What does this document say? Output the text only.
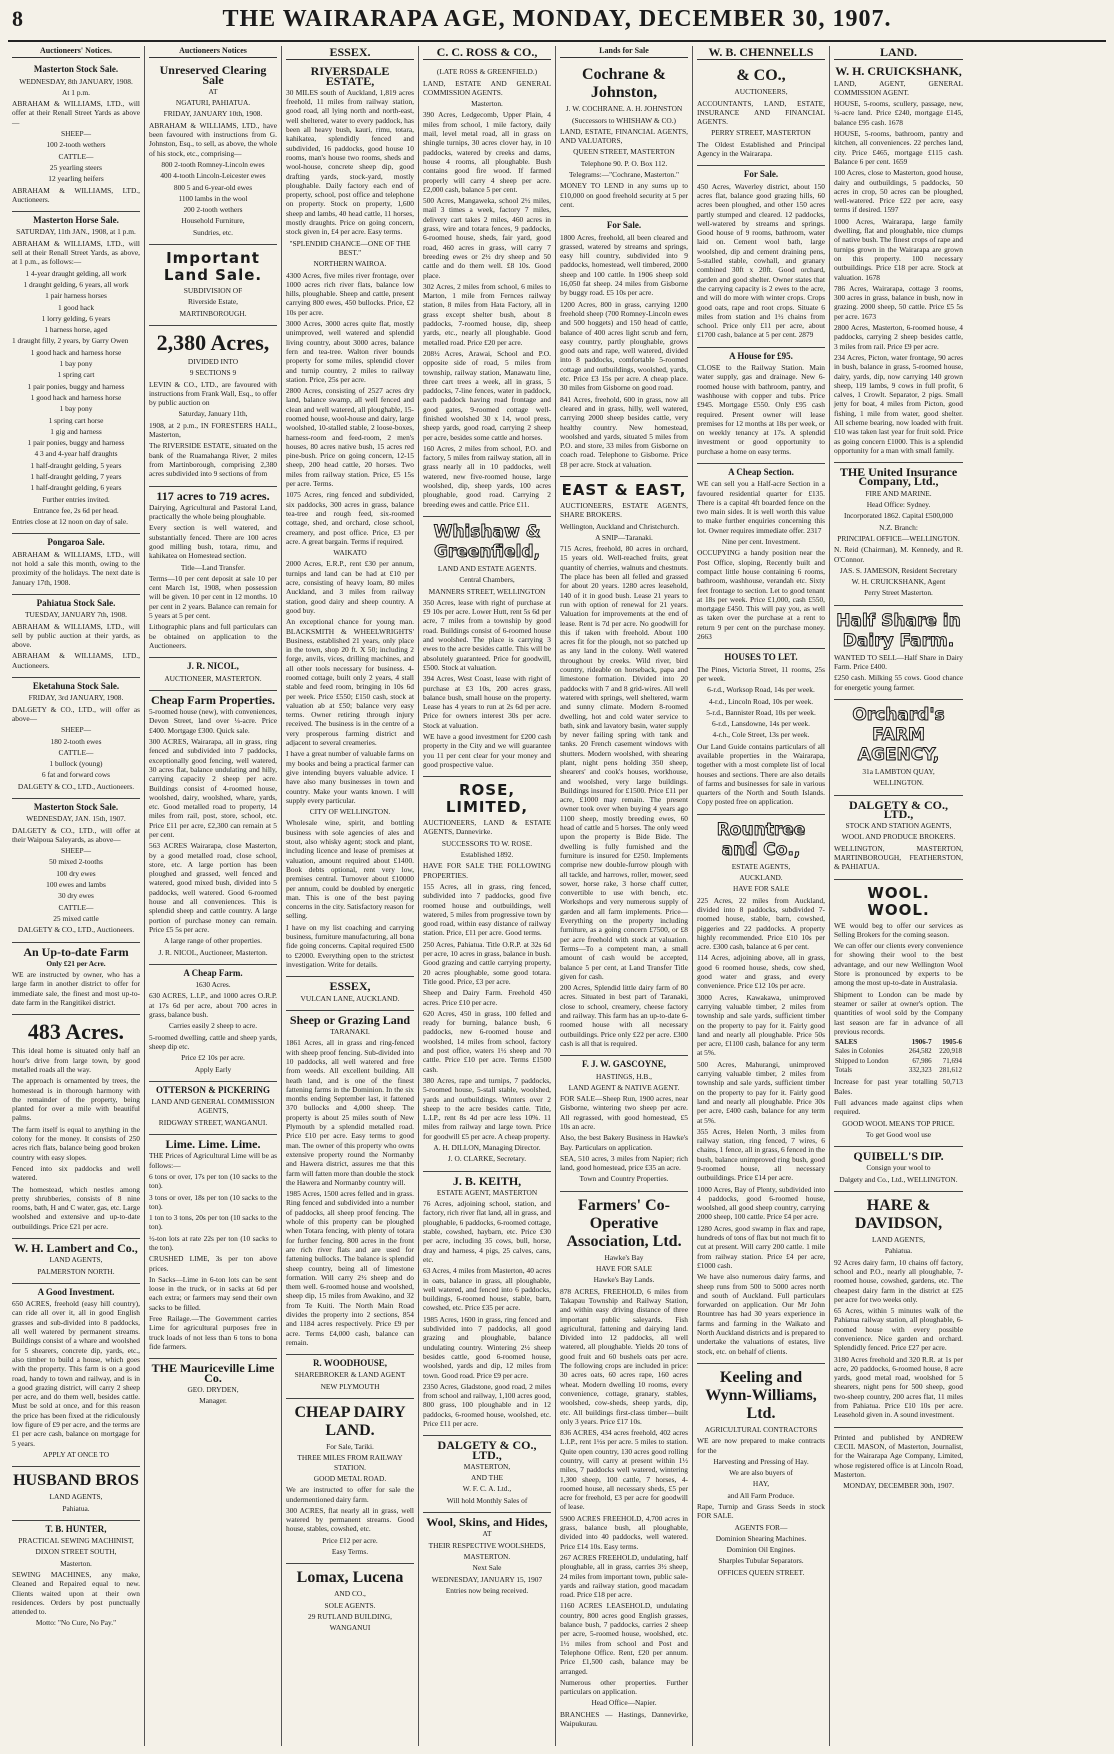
8	THE WAIRARAPA AGE, MONDAY, DECEMBER 30, 1907.
Auctioneers' Notices.
Masterton Stock Sale.
WEDNESDAY, 8th JANUARY, 1908.
At 1 p.m.
ABRAHAM & WILLIAMS, LTD., will offer at their Renall Street Yards as above—
SHEEP—
100 2-tooth wethers
CATTLE—
25 yearling steers
12 yearling heifers
ABRAHAM & WILLIAMS, LTD., Auctioneers.
Masterton Horse Sale.
SATURDAY, 11th JAN., 1908, at 1 p.m.
ABRAHAM & WILLIAMS, LTD., will sell at their Renall Street Yards, as above, at 1 p.m., as follows:—
1 4-year draught gelding, all work
1 draught gelding, 6 years, all work
1 pair harness horses
1 good hack
1 lorry gelding, 6 years
1 harness horse, aged
1 draught filly, 2 years, by Garry Owen
1 good hack and harness horse
1 bay pony
1 spring cart
1 pair ponies, buggy and harness
1 good hack and harness horse
1 bay pony
1 spring cart horse
1 gig and harness
1 pair ponies, buggy and harness
4 3 and 4-year half draughts
1 half-draught gelding, 5 years
1 half-draught gelding, 7 years
1 half-draught gelding, 6 years
Further entries invited.
Entrance fee, 2s 6d per head.
Entries close at 12 noon on day of sale.
Pongaroa Sale.
ABRAHAM & WILLIAMS, LTD., will not hold a sale this month, owing to the proximity of the holidays. The next date is January 17th, 1908.
Pahiatua Stock Sale.
TUESDAY, JANUARY 7th, 1908.
ABRAHAM & WILLIAMS, LTD., will sell by public auction at their yards, as above.
ABRAHAM & WILLIAMS, LTD., Auctioneers.
Eketahuna Stock Sale.
FRIDAY, 3rd JANUARY, 1908.
DALGETY & CO., LTD., will offer as above—
SHEEP—
180 2-tooth ewes
CATTLE—
1 bullock (young)
6 fat and forward cows
DALGETY & CO., LTD., Auctioneers.
Masterton Stock Sale.
WEDNESDAY, JAN. 15th, 1907.
DALGETY & CO., LTD., will offer at their Waipoua Saleyards, as above—
SHEEP—
50 mixed 2-tooths
100 dry ewes
100 ewes and lambs
30 dry ewes
CATTLE—
25 mixed cattle
DALGETY & CO., LTD., Auctioneers.
An Up-to-date Farm
Only £21 per Acre.
WE are instructed by owner, who has a large farm in another district to offer for immediate sale, the finest and most up-to-date farm in the Rangitikei district.
483 Acres.
This ideal home is situated only half an hour's drive from large town, by good metalled roads all the way.
The approach is ornamented by trees, the homestead is in thorough harmony with the remainder of the property, being planted for over a mile with beautiful palms.
The farm itself is equal to anything in the colony for the money. It consists of 250 acres rich flats, balance being good broken country with easy slopes.
Fenced into six paddocks and well watered.
The homestead, which nestles among pretty shrubberies, consists of 8 nine rooms, bath, H and C water, gas, etc. Large woolshed and extensive and up-to-date outbuildings. Price £21 per acre.
W. H. Lambert and Co.,
LAND AGENTS,
PALMERSTON NORTH.
A Good Investment.
650 ACRES, freehold (easy hill country), can ride all over it, all in good English grasses and sub-divided into 8 paddocks, all well watered by permanent streams. Buildings consist of a whare and woolshed for 5 shearers, concrete dip, yards, etc., also timber to build a house, which goes with the property. This farm is on a good road, handy to town and railway, and is in a good grazing district, will carry 2 sheep per acre, and do them well, besides cattle. Must be sold at once, and for this reason the price has been fixed at the ridiculously low figure of £9 per acre, and the terms are £1 per acre cash, balance on mortgage for 5 years.
APPLY AT ONCE TO
HUSBAND BROS
LAND AGENTS,
Pahiatua.
T. B. HUNTER,
PRACTICAL SEWING MACHINIST,
DIXON STREET SOUTH,
Masterton.
SEWING MACHINES, any make, Cleaned and Repaired equal to new. Clients waited upon at their own residences. Orders by post punctually attended to.
Motto: "No Cure, No Pay."
Auctioneers Notices
Unreserved Clearing Sale
AT
NGATURI, PAHIATUA.
FRIDAY, JANUARY 10th, 1908.
ABRAHAM & WILLIAMS, LTD., have been favoured with instructions from G. Johnston, Esq., to sell, as above, the whole of his stock, etc., comprising—
800 2-tooth Romney-Lincoln ewes
400 4-tooth Lincoln-Leicester ewes
800 5 and 6-year-old ewes
1100 lambs in the wool
200 2-tooth wethers
Household Furniture,
Sundries, etc.
Important Land Sale.
SUBDIVISION OF
Riverside Estate,
MARTINBOROUGH.
2,380 Acres,
DIVIDED INTO
9 SECTIONS 9
LEVIN & CO., LTD., are favoured with instructions from Frank Wall, Esq., to offer by public auction on
Saturday, January 11th,
1908, at 2 p.m., IN FORESTERS HALL, Masterton,
The RIVERSIDE ESTATE, situated on the bank of the Ruamahanga River, 2 miles from Martinborough, comprising 2,380 acres subdivided into 9 sections of from
117 acres to 719 acres.
Dairying, Agricultural and Pastoral Land, practically the whole being ploughable.
Every section is well watered, and substantially fenced. There are 100 acres good milling bush, totara, rimu, and kahikatea on Homestead section.
Title—Land Transfer.
Terms—10 per cent deposit at sale 10 per cent March 1st, 1908, when possession will be given. 10 per cent in 12 months. 10 per cent in 2 years. Balance can remain for 5 years at 5 per cent.
Lithographic plans and full particulars can be obtained on application to the Auctioneers.
J. R. NICOL,
AUCTIONEER, MASTERTON.
Cheap Farm Properties.
5-roomed house (new), with conveniences, Devon Street, land over ¼-acre. Price £400. Mortgage £300. Quick sale.
300 ACRES, Wairarapa, all in grass, ring fenced and subdivided into 7 paddocks, exceptionally good fencing, well watered, 30 acres flat, balance undulating and hilly, carrying capacity 2 sheep per acre. Buildings consist of 4-roomed house, woolshed, dairy, woolshed, whare, yards, etc. Good metalled road to property, 14 miles from rail, post, store, school, etc. Price £11 per acre, £2,300 can remain at 5 per cent.
563 ACRES Wairarapa, close Masterton, by a good metalled road, close school, store, etc. A large portion has been ploughed and grassed, well fenced and watered, good mixed bush, divided into 5 paddocks, well watered. Good 6-roomed house and all conveniences. This is splendid sheep and cattle country. A large portion of purchase money can remain. Price £5 5s per acre.
A large range of other properties.
J. R. NICOL, Auctioneer, Masterton.
A Cheap Farm.
1630 Acres.
630 ACRES, L.I.P., and 1000 acres O.R.P. at 17s 6d per acre, about 700 acres in grass, balance bush.
Carries easily 2 sheep to acre.
5-roomed dwelling, cattle and sheep yards, sheep dip etc.
Price £2 10s per acre.
Apply Early
OTTERSON & PICKERING
LAND AND GENERAL COMMISSION AGENTS,
RIDGWAY STREET, WANGANUI.
Lime. Lime. Lime.
THE Prices of Agricultural Lime will be as follows:—
6 tons or over, 17s per ton (10 sacks to the ton).
3 tons or over, 18s per ton (10 sacks to the ton).
1 ton to 3 tons, 20s per ton (10 sacks to the ton).
½-ton lots at rate 22s per ton (10 sacks to the ton).
CRUSHED LIME, 3s per ton above prices.
In Sacks—Lime in 6-ton lots can be sent loose in the truck, or in sacks at 6d per each extra; or farmers may send their own sacks to be filled.
Free Railage.—The Government carries Lime for agricultural purposes free in truck loads of not less than 6 tons to bona fide farmers.
THE Mauriceville Lime Co.
GEO. DRYDEN,
Manager.
ESSEX.
RIVERSDALE ESTATE,
30 MILES south of Auckland, 1,819 acres freehold, 11 miles from railway station, good road, all lying north and north-east, well sheltered, water to every paddock, has been all heavy bush, kauri, rimu, totara, kahikatea, splendidly fenced and subdivided, 16 paddocks, good house 10 rooms, man's house two rooms, sheds and wool-house, concrete sheep dip, good drafting yards, stock-yard, mostly ploughable. Daily factory each end of property, school, post office and telephone on property. Stock on property, 1,600 sheep and lambs, 40 head cattle, 11 horses, mostly draughts. Price on going concern, stock given in, £4 per acre. Easy terms.
"SPLENDID CHANCE—ONE OF THE BEST."
NORTHERN WAIROA.
4300 Acres, five miles river frontage, over 1000 acres rich river flats, balance low hills, ploughable. Sheep and cattle, present carrying 800 ewes, 450 bullocks. Price, £2 10s per acre.
3000 Acres, 3000 acres quite flat, mostly unimproved, well watered and splendid living country, about 3000 acres, balance fern and tea-tree. Walton river bounds property for some miles, splendid clover and turnip country, 2 miles to railway station. Price, 25s per acre.
2800 Acres, consisting of 2527 acres dry land, balance swamp, all well fenced and clean and well watered, all ploughable, 15-roomed house, wool-house and dairy, large woolshed, 10-stalled stable, 2 loose-boxes, harness-room and feed-room, 2 men's houses, 80 acres native bush, 15 acres red pine-bush. Price on going concern, 12-15 sheep, 200 head cattle, 20 horses. Two miles from railway station. Price, £5 15s per acre. Terms.
1075 Acres, ring fenced and subdivided, six paddocks, 300 acres in grass, balance tea-tree and rough feed, six-roomed cottage, shed, and orchard, close school, creamery, and post office. Price, £3 per acre. A great bargain. Terms if required.
WAIKATO
2000 Acres, E.R.P., rent £30 per annum, turnips and land can be had at £10 per acre, consisting of heavy loam, 80 miles Auckland, and 3 miles from railway station, good dairy and sheep country. A good buy.
An exceptional chance for young man. BLACKSMITH & WHEELWRIGHTS' Business, established 21 years, only place in the town, shop 20 ft. X 50; including 2 forge, anvils, vices, drilling machines, and all other tools necessary for business. 4-roomed cottage, built only 2 years, 4 stall stable and feed room, bringing in 10s 6d per week. Price £550; £150 cash, stock at valuation ab at £50; balance very easy terms. Owner retiring through injury received. The business is in the centre of a very prosperous farming district and adjacent to several creameries.
I have a great number of valuable farms on my books and being a practical farmer can give intending buyers valuable advice. I have also many businesses in town and country. Make your wants known. I will supply every particular.
CITY OF WELLINGTON.
Wholesale wine, spirit, and bottling business with sole agencies of ales and stout, also whisky agent; stock and plant, including licence and lease of premises at valuation, amount required about £1400. Book debts optional, rent very low, premises central. Turnover about £10000 per annum, could be doubled by energetic man. This is one of the best paying concerns in the city. Satisfactory reason for selling.
I have on my list coaching and carrying business, furniture manufacturing, all bona fide going concerns. Capital required £500 to £2000. Everything open to the strictest investigation. Write for details.
ESSEX,
VULCAN LANE, AUCKLAND.
Sheep or Grazing Land
TARANAKI.
1861 Acres, all in grass and ring-fenced with sheep proof fencing. Sub-divided into 10 paddocks, all well watered and free from weeds. All excellent building. All heath land, and is one of the finest fattening farms in the Dominion. In the six months ending September last, it fattened 370 bullocks and 4,000 sheep. The property is about 25 miles south of New Plymouth by a splendid metalled road. Price £10 per acre. Easy terms to good man. The owner of this property who owns extensive property round the Normanby and Hawera district, assures me that this farm will fatten more than double the stock the Hawera and Normanby country will.
1985 Acres, 1500 acres felled and in grass. Ring fenced and subdivided into a number of paddocks, all sheep proof fencing. The whole of this property can be ploughed when Totara fencing, with plenty of totara for further fencing. 800 acres in the front are rich river flats and are used for fattening bullocks. The balance is splendid sheep country, being all of limestone formation. Will carry 2½ sheep and do them well. 6-roomed house and woolshed, sheep dip, 15 miles from Awakino, and 32 from Te Kuiti. The North Main Road divides the property into 2 sections, 854 and 1184 acres respectively. Price £9 per acre. Terms £4,000 cash, balance can remain.
R. WOODHOUSE,
SHAREBROKER & LAND AGENT
NEW PLYMOUTH
CHEAP DAIRY LAND.
For Sale, Tariki.
THREE MILES FROM RAILWAY STATION.
GOOD METAL ROAD.
We are instructed to offer for sale the undermentioned dairy farm.
300 ACRES, flat nearly all in grass, well watered by permanent streams. Good house, stables, cowshed, etc.
Price £12 per acre.
Easy Terms.
Lomax, Lucena
AND CO.,
SOLE AGENTS.
29 RUTLAND BUILDING,
WANGANUI
C. C. ROSS & CO.,
(LATE ROSS & GREENFIELD.)
LAND, ESTATE AND GENERAL COMMISSION AGENTS.
Masterton.
390 Acres, Ledgecomb, Upper Plain, 4 miles from school, 1 mile factory, daily mail, level metal road, all in grass on shingle turnips, 30 acres clover hay, in 10 paddocks, watered by creeks and dams, house 4 rooms, all ploughable. Bush contains good fire wood. If farmed properly will carry 4 sheep per acre. £2,000 cash, balance 5 per cent.
500 Acres, Mangaweka, school 2½ miles, mail 3 times a week, factory 7 miles, delivery cart takes 2 miles, 460 acres in grass, wire and totara fences, 9 paddocks, 6-roomed house, sheds, fair yard, good road, 460 acres in grass, will carry 7 breeding ewes or 2½ dry sheep and 50 cattle and do them well. £8 10s. Good place.
302 Acres, 2 miles from school, 6 miles to Marton, 1 mile from Fernces railway station, 8 miles from Hata Factory, all in grass except shelter bush, about 8 paddocks, 7-roomed house, dip, sheep yards, etc., nearly all ploughable. Good metalled road. Price £20 per acre.
208½ Acres, Arawai, School and P.O. opposite side of road, 5 miles from township, railway station, Manawatu line, three cart trees a week, all in grass, 5 paddocks, 7-line fences, water in paddock, each paddock having road frontage and good gates, 9-roomed cottage well-finished woolshed 30 x 14, wool press, sheep yards, good road, carrying 2 sheep per acre, besides some cattle and horses.
160 Acres, 2 miles from school, P.O. and factory, 5 miles from railway station, all in grass nearly all in 10 paddocks, well watered, new five-roomed house, large woolshed, dip, sheep yards, 100 acres ploughable, good road. Carrying 2 breeding ewes and cattle. Price £11.
Whishaw & Greenfield,
LAND AND ESTATE AGENTS.
Central Chambers,
MANNERS STREET, WELLINGTON
350 Acres, lease with right of purchase at £9 10s per acre. Lower Hutt, rent 5s 6d per acre, 7 miles from a township by good road. Buildings consist of 6-roomed house and woolshed. The place is carrying 3 ewes to the acre besides cattle. This will be absolutely guaranteed. Price for goodwill, £500. Stock at valuation.
394 Acres, West Coast, lease with right of purchase at £3 10s, 200 acres grass, balance bush, small house on the property. Lease has 4 years to run at 2s 6d per acre. Price for owners interest 30s per acre. Stock at valuation.
WE have a good investment for £200 cash property in the City and we will guarantee you 11 per cent clear for your money and good prospective value.
ROSE, LIMITED,
AUCTIONEERS, LAND & ESTATE AGENTS, Dannevirke.
SUCCESSORS TO W. ROSE.
Established 1892.
HAVE FOR SALE THE FOLLOWING PROPERTIES.
155 Acres, all in grass, ring fenced, subdivided into 7 paddocks, good five roomed house and outbuildings, well watered, 5 miles from progressive town by good road, within easy distance of railway station. Price, £11 per acre. Good terms.
250 Acres, Pahiatua. Title O.R.P. at 32s 6d per acre, 10 acres in grass, balance in bush. Good grazing and cattle carrying property, 20 acres ploughable, some good totara. Title good. Price, £3 per acre.
Sheep and Dairy Farm. Freehold 450 acres. Price £10 per acre.
620 Acres, 450 in grass, 100 felled and ready for burning, balance bush, 6 paddocks, new 6-roomed house and woolshed, 14 miles from school, factory and post office, waters 1½ sheep and 70 cattle. Price £10 per acre. Terms £1500 cash.
380 Acres, rape and turnips, 7 paddocks, 5-roomed house, 5-stall stable, woolshed, yards and outbuildings. Winters over 2 sheep to the acre besides cattle. Title, L.I.P., rent 8s 4d per acre less 10%. 11 miles from railway and large town. Price for goodwill £5 per acre. A cheap property.
A. H. DILLON, Managing Director.
J. O. CLARKE, Secretary.
J. B. KEITH,
ESTATE AGENT, MASTERTON
76 Acres, adjoining school, station, and factory, rich river flat land, all in grass, and ploughable, 6 paddocks, 6-roomed cottage, stable, cowshed, haybarn, etc. Price £30 per acre, including 35 cows, bull, horse, dray and harness, 4 pigs, 25 calves, cans, etc.
63 Acres, 4 miles from Masterton, 40 acres in oats, balance in grass, all ploughable, well watered, and fenced into 6 paddocks, buildings, 6-roomed house, stable, barn, cowshed, etc. Price £35 per acre.
1985 Acres, 1600 in grass, ring fenced and subdivided into 7 paddocks, all good grazing and ploughable, balance undulating country. Wintering 2½ sheep besides cattle, good 6-roomed house, woolshed, yards and dip, 12 miles from town. Good road. Price £9 per acre.
2350 Acres, Gladstone, good road, 2 miles from school and railway, 1,100 acres good, 800 grass, 100 ploughable and in 12 paddocks, 6-roomed house, woolshed, etc. Price £11 per acre.
DALGETY & CO., LTD.,
MASTERTON,
AND THE
W. F. C. A. Ltd.,
Will hold Monthly Sales of
Wool, Skins, and Hides,
AT
THEIR RESPECTIVE WOOLSHEDS,
MASTERTON.
Next Sale
WEDNESDAY, JANUARY 15, 1907
Entries now being received.
Lands for Sale
Cochrane & Johnston,
J. W. COCHRANE. A. H. JOHNSTON
(Successors to WHISHAW & CO.)
LAND, ESTATE, FINANCIAL AGENTS, AND VALUATORS,
QUEEN STREET, MASTERTON
Telephone 90. P. O. Box 112.
Telegrams:—"Cochrane, Masterton."
MONEY TO LEND in any sums up to £10,000 on good freehold security at 5 per cent.
For Sale.
1800 Acres, freehold, all been cleared and grassed, watered by streams and springs, easy hill country, subdivided into 9 paddocks, homestead, well timbered, 2000 sheep and 100 cattle. In 1906 sheep sold 16,050 fat sheep. 24 miles from Gisborne by buggy road. £5 10s per acre.
1200 Acres, 800 in grass, carrying 1200 freehold sheep (700 Romney-Lincoln ewes and 500 hoggets) and 150 head of cattle, balance of 400 acres light scrub and fern, easy country, partly ploughable, grows good oats and rape, well watered, divided into 8 paddocks, comfortable 5-roomed cottage and outbuildings, woolshed, yards, etc. Price £3 15s per acre. A cheap place. 30 miles from Gisborne on good road.
841 Acres, freehold, 600 in grass, now all cleared and in grass, hilly, well watered, carrying 2000 sheep besides cattle, very healthy country. New homestead, woolshed and yards, situated 5 miles from P.O. and store, 33 miles from Gisborne on coach road. Telephone to Gisborne. Price £8 per acre. Stock at valuation.
EAST & EAST,
AUCTIONEERS, ESTATE AGENTS, SHARE BROKERS.
Wellington, Auckland and Christchurch.
A SNIP—Taranaki.
715 Acres, freehold, 80 acres in orchard, 15 years old. Well-reached fruits, great quantity of cherries, walnuts and chestnuts. The place has been all felled and grassed for about 20 years. 1280 acres leasehold, 140 of it in good bush. Lease 21 years to run with option of renewal for 21 years. Valuation for improvements at the end of lease. Rent is 7d per acre. No goodwill for this if taken with freehold. About 100 acres fit for the plough, not so patched up as any land in the colony. Well watered throughout by creeks. Wild river, bird country, rideable on horseback, papa and limestone formation. Divided into 20 paddocks with 7 and 8 grid-wires. All well watered with springs, well sheltered, warm and sunny climate. Modern 8-roomed dwelling, hot and cold water service to bath, sink and lavatory basin, water supply by never failing spring with tank and tanks. 20 French casement windows with shutters. Modern woolshed, with shearing plant, night pens holding 350 sheep, shearers' and cook's houses, workhouse, and woolshed, very large buildings. Buildings insured for £1500. Price £11 per acre, £1000 may remain. The present owner took over when buying 4 years ago 1100 sheep, mostly breeding ewes, 60 head of cattle and 5 horses. The only weed upon the property is Bide Bide. The dwelling is fully furnished and the furniture is insured for £250. Implements comprise new double-furrow plough with all tackle, and harrows, roller, mower, seed sower, horse rake, 3 horse chaff cutter, convertible to use with bench, etc. Workshops and very numerous supply of garden and all farm implements. Price—Everything on the property including furniture, as a going concern £7500, or £8 per acre freehold with stock at valuation. Terms—To a competent man, a small amount of cash would be accepted, balance 5 per cent, at Land Transfer Title given for cash.
200 Acres, Splendid little dairy farm of 80 acres. Situated in best part of Taranaki, close to school, creamery, cheese factory and railway. This farm has an up-to-date 6-roomed house with all necessary outbuildings. Price only £22 per acre. £300 cash is all that is required.
F. J. W. GASCOYNE,
HASTINGS, H.B.,
LAND AGENT & NATIVE AGENT.
FOR SALE—Sheep Run, 1900 acres, near Gisborne, wintering two sheep per acre. All regrassed, with good homestead, £5 10s an acre.
Also, the best Bakery Business in Hawke's Bay. Particulars on application.
SEA, 510 acres, 3 miles from Napier; rich land, good homestead, price £35 an acre.
Town and Country Properties.
Farmers' Co-Operative Association, Ltd.
Hawke's Bay
HAVE FOR SALE
Hawke's Bay Lands.
878 ACRES, FREEHOLD, 6 miles from Takapau Township and Railway Station, and within easy driving distance of three important public saleyards. Fish agricultural, fattening and dairying land. Divided into 12 paddocks, all well watered, all ploughable. Yields 20 tons of good fruit and 60 bushels oats per acre. The following crops are included in price: 30 acres oats, 60 acres rape, 160 acres wheat. Modern dwelling 10 rooms, every convenience, cottage, granary, stables, woolshed, cow-sheds, sheep yards, dip, etc. All buildings first-class timber—built only 3 years. Price £17 10s.
836 ACRES, 434 acres freehold, 402 acres L.I.P., rent 1½s per acre. 5 miles to station. Quite open country, 130 acres good rolling country, will carry at present within 1½ miles, 7 paddocks well watered, wintering 1,300 sheep, 100 cattle, 7 horses, 4-roomed house, all necessary sheds, £5 per acre for freehold, £3 per acre for goodwill of lease.
5900 ACRES FREEHOLD, 4,700 acres in grass, balance bush, all ploughable, divided into 40 paddocks, well watered. Price £14 10s. Easy terms.
267 ACRES FREEHOLD, undulating, half ploughable, all in grass, carries 3½ sheep, 24 miles from important town, public sale-yards and railway station, good macadam road. Price £18 per acre.
1160 ACRES LEASEHOLD, undulating country, 800 acres good English grasses, balance bush, 7 paddocks, carries 2 sheep per acre, 5-roomed house, woolshed, etc. 1½ miles from school and Post and Telephone Office. Rent, £20 per annum. Price £1,500 cash, balance may be arranged.
Numerous other properties. Further particulars on application.
Head Office—Napier.
BRANCHES — Hastings, Dannevirke, Waipukurau.
W. B. CHENNELLS
& CO.,
AUCTIONEERS,
ACCOUNTANTS, LAND, ESTATE, INSURANCE AND FINANCIAL AGENTS.
PERRY STREET, MASTERTON
The Oldest Established and Principal Agency in the Wairarapa.
For Sale.
450 Acres, Waverley district, about 150 acres flat, balance good grazing hills, 60 acres been ploughed, and other 150 acres partly stumped and cleared. 12 paddocks, well-watered by streams and springs. Good house of 9 rooms, bathroom, water laid on. Cement wool bath, large woolshed, dip and cement draining pens, 5-stalled stable, cowhall, and granary combined 30ft x 20ft. Good orchard, garden and good shelter. Owner states that the carrying capacity is 2 ewes to the acre, and will do more with winter crops. Crops good oats, rape and root crops. Situate 6 miles from station and 1½ chains from school. Price only £11 per acre, about £1700 cash, balance at 5 per cent. 2879
A House for £95.
CLOSE to the Railway Station. Main water supply, gas and drainage. New 6-roomed house with bathroom, pantry, and washhouse with copper and tubs. Price £945. Mortgage £550. Only £95 cash required. Present owner will lease premises for 12 months at 18s per week, or on weekly tenancy at 17s. A splendid investment or good opportunity to purchase a home on easy terms.
A Cheap Section.
WE can sell you a Half-acre Section in a favoured residential quarter for £135. There is a capital 4ft boarded fence on the two main sides. It is well worth this value to make further enquiries concerning this lot. Owner requires immediate offer. 2317
Nine per cent. Investment.
OCCUPYING a handy position near the Post Office, sloping, Recently built and compact little house containing 6 rooms, bathroom, washhouse, verandah etc. Sixty feet frontage to section. Let to good tenant at 18s per week. Price £1,000, cash £550, mortgage £450. This will pay you, as well as taken over the purchase at a rent to return 9 per cent on the purchase money. 2663
HOUSES TO LET.
The Pines, Victoria Street, 11 rooms, 25s per week.
6-r.d., Worksop Road, 14s per week.
4-r.d., Lincoln Road, 10s per week.
5-r.d., Bannister Road, 10s per week.
6-r.d., Lansdowne, 14s per week.
4-r.h., Cole Street, 13s per week.
Our Land Guide contains particulars of all available properties in the Wairarapa, together with a most complete list of local houses and sections. There are also details of farms and businesses for sale in various quarters of the North and South Islands. Copy posted free on application.
Rountree and Co.,
ESTATE AGENTS,
AUCKLAND.
HAVE FOR SALE
225 Acres, 22 miles from Auckland, divided into 8 paddocks, subdivided 7-roomed house, stable, barn, cowshed, piggeries and 22 paddocks. A property highly recommended. Price £10 10s per acre. £300 cash, balance at 6 per cent.
114 Acres, adjoining above, all in grass, good 6 roomed house, sheds, cow shed, good water and grass, and every convenience. Price £12 10s per acre.
3000 Acres, Kawakawa, unimproved carrying valuable timber, 2 miles from township and sale yards, sufficient timber on the property to pay for it. Fairly good land and nearly all ploughable. Price 50s per acre, £1100 cash, balance for any term at 5%.
500 Acres, Mahurangi, unimproved carrying valuable timber, 2 miles from township and sale yards, sufficient timber on the property to pay for it. Fairly good land and nearly all ploughable. Price 30s per acre, £400 cash, balance for any term at 5%.
355 Acres, Helen North, 3 miles from railway station, ring fenced, 7 wires, 6 chains, 1 fence, all in grass, 6 fenced in the bush, balance unimproved ring bush, good 9-roomed house, all necessary outbuildings. Price £14 per acre.
1000 Acres, Bay of Plenty, subdivided into 4 paddocks, good 6-roomed house, woolshed, all good sheep country, carrying 2000 sheep, 100 cattle. Price £4 per acre.
1280 Acres, good swamp in flax and rape, hundreds of tons of flax but not much fit to cut at present. Will carry 200 cattle. 1 mile from railway station. Price £4 per acre, £1000 cash.
We have also numerous dairy farms, and sheep runs from 500 to 5000 acres north and south of Auckland. Full particulars forwarded on application. Our Mr John Rountree has had 30 years experience in farms and farming in the Waikato and North Auckland districts and is prepared to undertake the valuations of estates, live stock, etc. on behalf of clients.
Keeling and Wynn-Williams, Ltd.
AGRICULTURAL CONTRACTORS
WE are now prepared to make contracts for the
Harvesting and Pressing of Hay.
We are also buyers of
HAY,
and All Farm Produce.
Rape, Turnip and Grass Seeds in stock FOR SALE.
AGENTS FOR—
Dominion Shearing Machines.
Dominion Oil Engines.
Sharples Tubular Separators.
OFFICES QUEEN STREET.
LAND.
W. H. CRUICKSHANK,
LAND, AGENT, GENERAL COMMISSION AGENT.
HOUSE, 5-rooms, scullery, passage, new, ¼-acre land. Price £240, mortgage £145, balance £95 cash. 1678
HOUSE, 5-rooms, bathroom, pantry and kitchen, all conveniences. 22 perches land, city. Price £465, mortgage £115 cash. Balance 6 per cent. 1659
100 Acres, close to Masterton, good house, dairy and outbuildings, 5 paddocks, 50 acres in crop, 50 acres can be ploughed, well-watered. Price £22 per acre, easy terms if desired. 1597
1000 Acres, Wairarapa, large family dwelling, flat and ploughable, nice clumps of native bush. The finest crops of rape and turnips grown in the Wairarapa are grown on this property. 100 necessary outbuildings. Price £18 per acre. Stock at valuation. 1678
786 Acres, Wairarapa, cottage 3 rooms, 300 acres in grass, balance in bush, now in grazing. 2000 sheep, 50 cattle. Price £5 5s per acre. 1673
2800 Acres, Masterton, 6-roomed house, 4 paddocks, carrying 2 sheep besides cattle, 3 miles from rail. Price £9 per acre.
234 Acres, Picton, water frontage, 90 acres in bush, balance in grass, 5-roomed house, dairy, yards, dip, now carrying 140 grown sheep, 119 lambs, 9 cows in full profit, 6 calves, 1 Crowlt. Separator, 2 pigs. Small jetty for boat, 4 miles from Picton, good fishing, 1 mile from water, good shelter. All scheme bearing, now loaded with fruit. £10 was taken last year for fruit sold. Price as going concern £1000. This is a splendid opportunity for a man with small family.
THE United Insurance Company, Ltd.,
FIRE AND MARINE.
Head Office: Sydney.
Incorporated 1862. Capital £500,000
N.Z. Branch:
PRINCIPAL OFFICE—WELLINGTON.
N. Reid (Chairman), M. Kennedy, and R. O'Connor.
JAS. S. JAMESON, Resident Secretary
W. H. CRUICKSHANK, Agent
Perry Street Masterton.
Half Share in Dairy Farm.
WANTED TO SELL—Half Share in Dairy Farm. Price £400.
£250 cash. Milking 55 cows. Good chance for energetic young farmer.
Orchard's FARM AGENCY,
31a LAMBTON QUAY,
WELLINGTON.
DALGETY & CO., LTD.,
STOCK AND STATION AGENTS,
WOOL AND PRODUCE BROKERS.
WELLINGTON, MASTERTON, MARTINBOROUGH, FEATHERSTON, & PAHIATUA.
WOOL. WOOL.
WE would beg to offer our services as Selling Brokers for the coming season.
We can offer our clients every convenience for showing their wool to the best advantage, and our new Wellington Wool Store is pronounced by experts to be among the most up-to-date in Australasia.
Shipment to London can be made by steamer or sailer at owner's option. The quantities of wool sold by the Company last season are far in advance of all previous records.
SALES	1906-7	1905-6
Sales in Colonies	264,582	220,918
Shipped to London	67,986	71,694
Totals	332,323	281,612
Increase for past year totalling 50,713 Bales.
Full advances made against clips when required.
GOOD WOOL MEANS TOP PRICE.
To get Good wool use
QUIBELL'S DIP.
Consign your wool to
Dalgety and Co., Ltd., WELLINGTON.
HARE & DAVIDSON,
LAND AGENTS,
Pahiatua.
92 Acres dairy farm, 10 chains off factory, school and P.O., nearly all ploughable, 7-roomed house, cowshed, gardens, etc. The cheapest dairy farm in the district at £25 per acre for two weeks only.
65 Acres, within 5 minutes walk of the Pahiatua railway station, all ploughable, 6-roomed house with every possible convenience. Nice garden and orchard. Splendidly fenced. Price £27 per acre.
3180 Acres freehold and 320 R.R. at 1s per acre, 20 paddocks, 6-roomed house, 8 acre yards, good metal road, woolshed for 5 shearers, night pens for 500 sheep, good two-sheep country, 200 acres flat, 11 miles from Pahiatua. Price £10 10s per acre. Leasehold given in. A sound investment.
Printed and published by ANDREW CECIL MASON, of Masterton, Journalist, for the Wairarapa Age Company, Limited, whose registered office is at Lincoln Road, Masterton.
MONDAY, DECEMBER 30th, 1907.
